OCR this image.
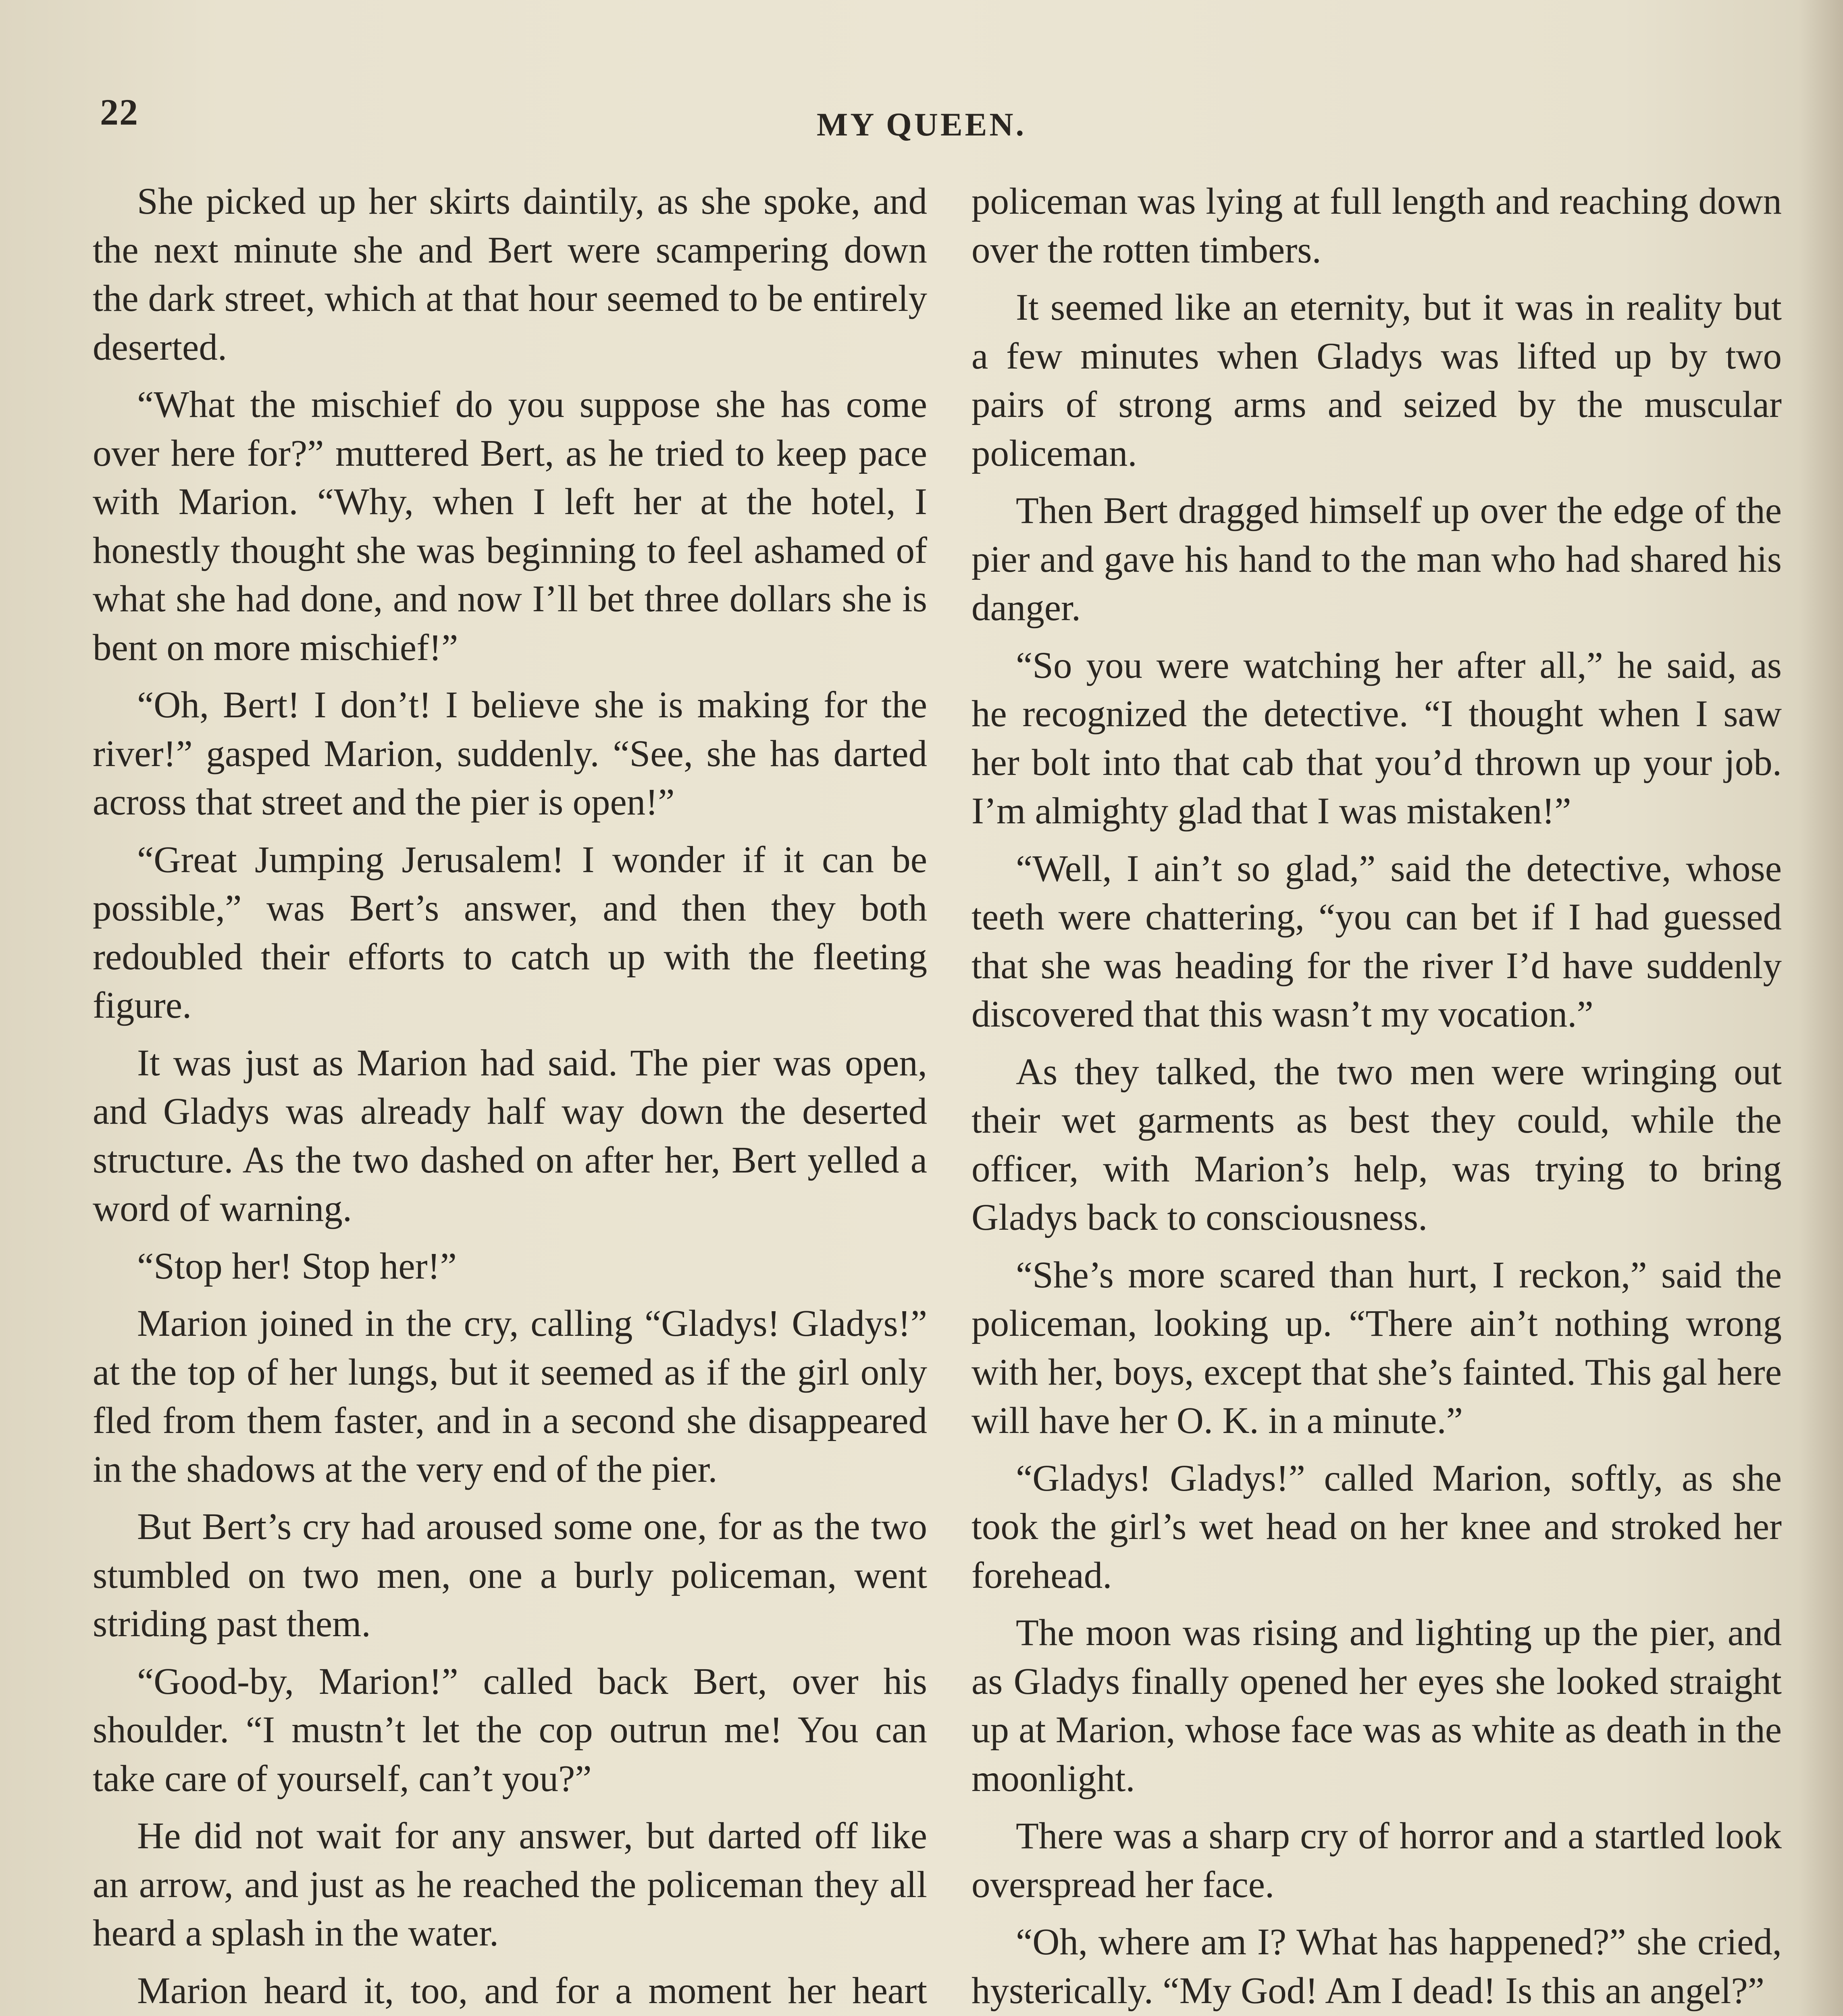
22	MY QUEEN.

She picked up her skirts daintily, as she spoke, and the next minute she and Bert were scampering down the dark street, which at that hour seemed to be entirely deserted.

“What the mischief do you suppose she has come over here for?” muttered Bert, as he tried to keep pace with Marion. “Why, when I left her at the hotel, I honestly thought she was beginning to feel ashamed of what she had done, and now I’ll bet three dollars she is bent on more mischief!”

“Oh, Bert! I don’t! I believe she is making for the river!” gasped Marion, suddenly. “See, she has darted across that street and the pier is open!”

“Great Jumping Jerusalem! I wonder if it can be possible,” was Bert’s answer, and then they both redoubled their efforts to catch up with the fleeting figure.

It was just as Marion had said. The pier was open, and Gladys was already half way down the deserted structure. As the two dashed on after her, Bert yelled a word of warning.

“Stop her! Stop her!”

Marion joined in the cry, calling “Gladys! Gladys!” at the top of her lungs, but it seemed as if the girl only fled from them faster, and in a second she disappeared in the shadows at the very end of the pier.

But Bert’s cry had aroused some one, for as the two stumbled on two men, one a burly policeman, went striding past them.

“Good-by, Marion!” called back Bert, over his shoulder. “I mustn’t let the cop outrun me! You can take care of yourself, can’t you?”

He did not wait for any answer, but darted off like an arrow, and just as he reached the policeman they all heard a splash in the water.

Marion heard it, too, and for a moment her heart

policeman was lying at full length and reaching down over the rotten timbers.

It seemed like an eternity, but it was in reality but a few minutes when Gladys was lifted up by two pairs of strong arms and seized by the muscular policeman.

Then Bert dragged himself up over the edge of the pier and gave his hand to the man who had shared his danger.

“So you were watching her after all,” he said, as he recognized the detective. “I thought when I saw her bolt into that cab that you’d thrown up your job. I’m almighty glad that I was mistaken!”

“Well, I ain’t so glad,” said the detective, whose teeth were chattering, “you can bet if I had guessed that she was heading for the river I’d have suddenly discovered that this wasn’t my vocation.”

As they talked, the two men were wringing out their wet garments as best they could, while the officer, with Marion’s help, was trying to bring Gladys back to consciousness.

“She’s more scared than hurt, I reckon,” said the policeman, looking up. “There ain’t nothing wrong with her, boys, except that she’s fainted. This gal here will have her O. K. in a minute.”

“Gladys! Gladys!” called Marion, softly, as she took the girl’s wet head on her knee and stroked her forehead.

The moon was rising and lighting up the pier, and as Gladys finally opened her eyes she looked straight up at Marion, whose face was as white as death in the moonlight.

There was a sharp cry of horror and a startled look overspread her face.

“Oh, where am I? What has happened?” she cried, hysterically. “My God! Am I dead! Is this an angel?”
